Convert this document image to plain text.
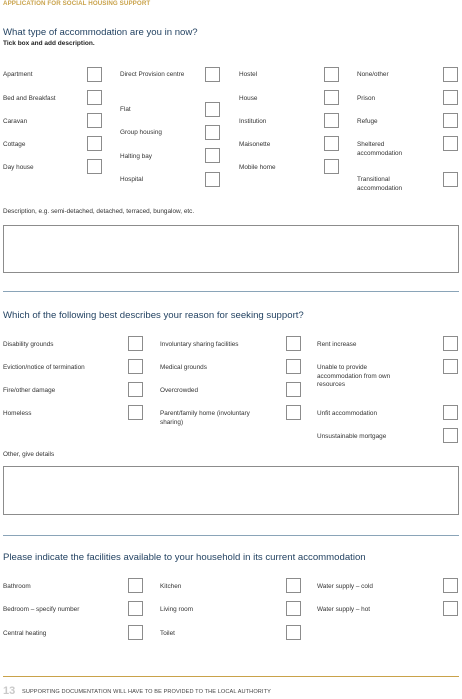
APPLICATION FOR SOCIAL HOUSING SUPPORT
What type of accommodation are you in now?
Tick box and add description.
Apartment
Bed and Breakfast
Caravan
Cottage
Day house
Direct Provision centre
Flat
Group housing
Halting bay
Hospital
Hostel
House
Institution
Maisonette
Mobile home
None/other
Prison
Refuge
Sheltered accommodation
Transitional accommodation
Description, e.g. semi-detached, detached, terraced, bungalow, etc.
Which of the following best describes your reason for seeking support?
Disability grounds
Eviction/notice of termination
Fire/other damage
Homeless
Involuntary sharing facilities
Medical grounds
Overcrowded
Parent/family home (involuntary sharing)
Rent increase
Unable to provide accommodation from own resources
Unfit accommodation
Unsustainable mortgage
Other, give details
Please indicate the facilities available to your household in its current accommodation
Bathroom
Bedroom – specify number
Central heating
Kitchen
Living room
Toilet
Water supply – cold
Water supply – hot
13 SUPPORTING DOCUMENTATION WILL HAVE TO BE PROVIDED TO THE LOCAL AUTHORITY
